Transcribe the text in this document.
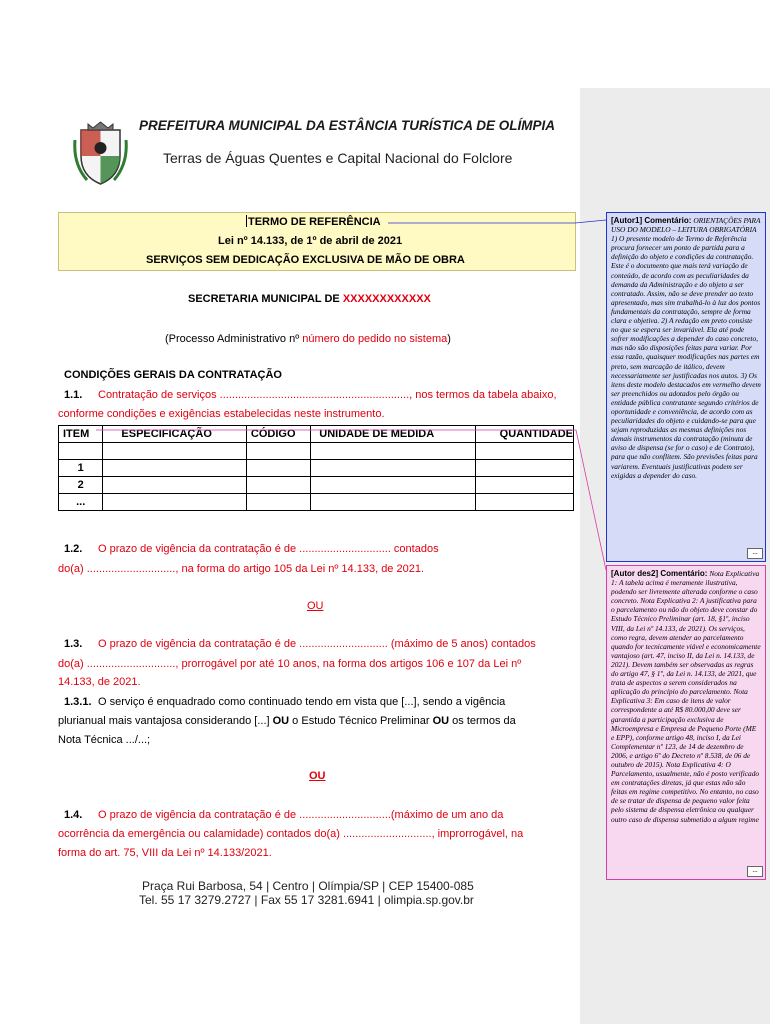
PREFEITURA MUNICIPAL DA ESTÂNCIA TURÍSTICA DE OLÍMPIA
Terras de Águas Quentes e Capital Nacional do Folclore
TERMO DE REFERÊNCIA
Lei nº 14.133, de 1º de abril de 2021
SERVIÇOS SEM DEDICAÇÃO EXCLUSIVA DE MÃO DE OBRA
SECRETARIA MUNICIPAL DE XXXXXXXXXXXX
(Processo Administrativo nº número do pedido no sistema)
CONDIÇÕES GERAIS DA CONTRATAÇÃO
1.1. Contratação de serviços .............................................................., nos termos da tabela abaixo,
conforme condições e exigências estabelecidas neste instrumento.
ITEM	ESPECIFICAÇÃO	CÓDIGO	UNIDADE DE MEDIDA	QUANTIDADE

1				
2				
...				
1.2. O prazo de vigência da contratação é de .............................. contados
do(a) ............................., na forma do artigo 105 da Lei nº 14.133, de 2021.
OU
1.3. O prazo de vigência da contratação é de ............................. (máximo de 5 anos) contados
do(a) ............................., prorrogável por até 10 anos, na forma dos artigos 106 e 107 da Lei nº
14.133, de 2021.
1.3.1. O serviço é enquadrado como continuado tendo em vista que [...], sendo a vigência
plurianual mais vantajosa considerando [...] OU o Estudo Técnico Preliminar OU os termos da
Nota Técnica .../...;
OU
1.4. O prazo de vigência da contratação é de ..............................(máximo de um ano da
ocorrência da emergência ou calamidade) contados do(a) ............................., improrrogável, na
forma do art. 75, VIII da Lei nº 14.133/2021.
Praça Rui Barbosa, 54 | Centro | Olímpia/SP | CEP 15400-085
Tel. 55 17 3279.2727 | Fax 55 17 3281.6941 | olimpia.sp.gov.br
[Autor1] Comentário: ORIENTAÇÕES PARA USO DO MODELO – LEITURA OBRIGATÓRIA 1) O presente modelo de Termo de Referência procura fornecer um ponto de partida para a definição do objeto e condições da contratação. Este é o documento que mais terá variação de conteúdo, de acordo com as peculiaridades da demanda da Administração e do objeto a ser contratado. Assim, não se deve prender ao texto apresentado, mas sim trabalhá-lo à luz dos pontos fundamentais da contratação, sempre de forma clara e objetiva. 2) A redação em preto consiste no que se espera ser invariável. Ela até pode sofrer modificações a depender do caso concreto, mas não são disposições feitas para variar. Por essa razão, quaisquer modificações nas partes em preto, sem marcação de itálico, devem necessariamente ser justificadas nos autos. 3) Os itens deste modelo destacados em vermelho devem ser preenchidos ou adotados pelo órgão ou entidade pública contratante segundo critérios de oportunidade e conveniência, de acordo com as peculiaridades do objeto e cuidando-se para que sejam reproduzidas as mesmas definições nos demais instrumentos da contratação (minuta de aviso de dispensa (se for o caso) e de Contrato), para que não conflitem. São previsões feitas para variarem. Eventuais justificativas podem ser exigidas a depender do caso.
...
[Autor des2] Comentário: Nota Explicativa 1: A tabela acima é meramente ilustrativa, podendo ser livremente alterada conforme o caso concreto. Nota Explicativa 2: A justificativa para o parcelamento ou não do objeto deve constar do Estudo Técnico Preliminar (art. 18, §1º, inciso VIII, da Lei nº 14.133, de 2021). Os serviços, como regra, devem atender ao parcelamento quando for tecnicamente viável e economicamente vantajoso (art. 47, inciso II, da Lei n. 14.133, de 2021). Devem também ser observadas as regras do artigo 47, § 1º, da Lei n. 14.133, de 2021, que trata de aspectos a serem considerados na aplicação do princípio do parcelamento. Nota Explicativa 3: Em caso de itens de valor correspondente a até R$ 80.000,00 deve ser garantida a participação exclusiva de Microempresa e Empresa de Pequeno Porte (ME e EPP), conforme artigo 48, inciso I, da Lei Complementar nº 123, de 14 de dezembro de 2006, e artigo 6º do Decreto nº 8.538, de 06 de outubro de 2015). Nota Explicativa 4: O Parcelamento, usualmente, não é posto verificado em contratações diretas, já que estas não são feitas em regime competitivo. No entanto, no caso de se tratar de dispensa de pequeno valor feita pelo sistema de dispensa eletrônica ou qualquer outro caso de dispensa submetido a algum regime
...
